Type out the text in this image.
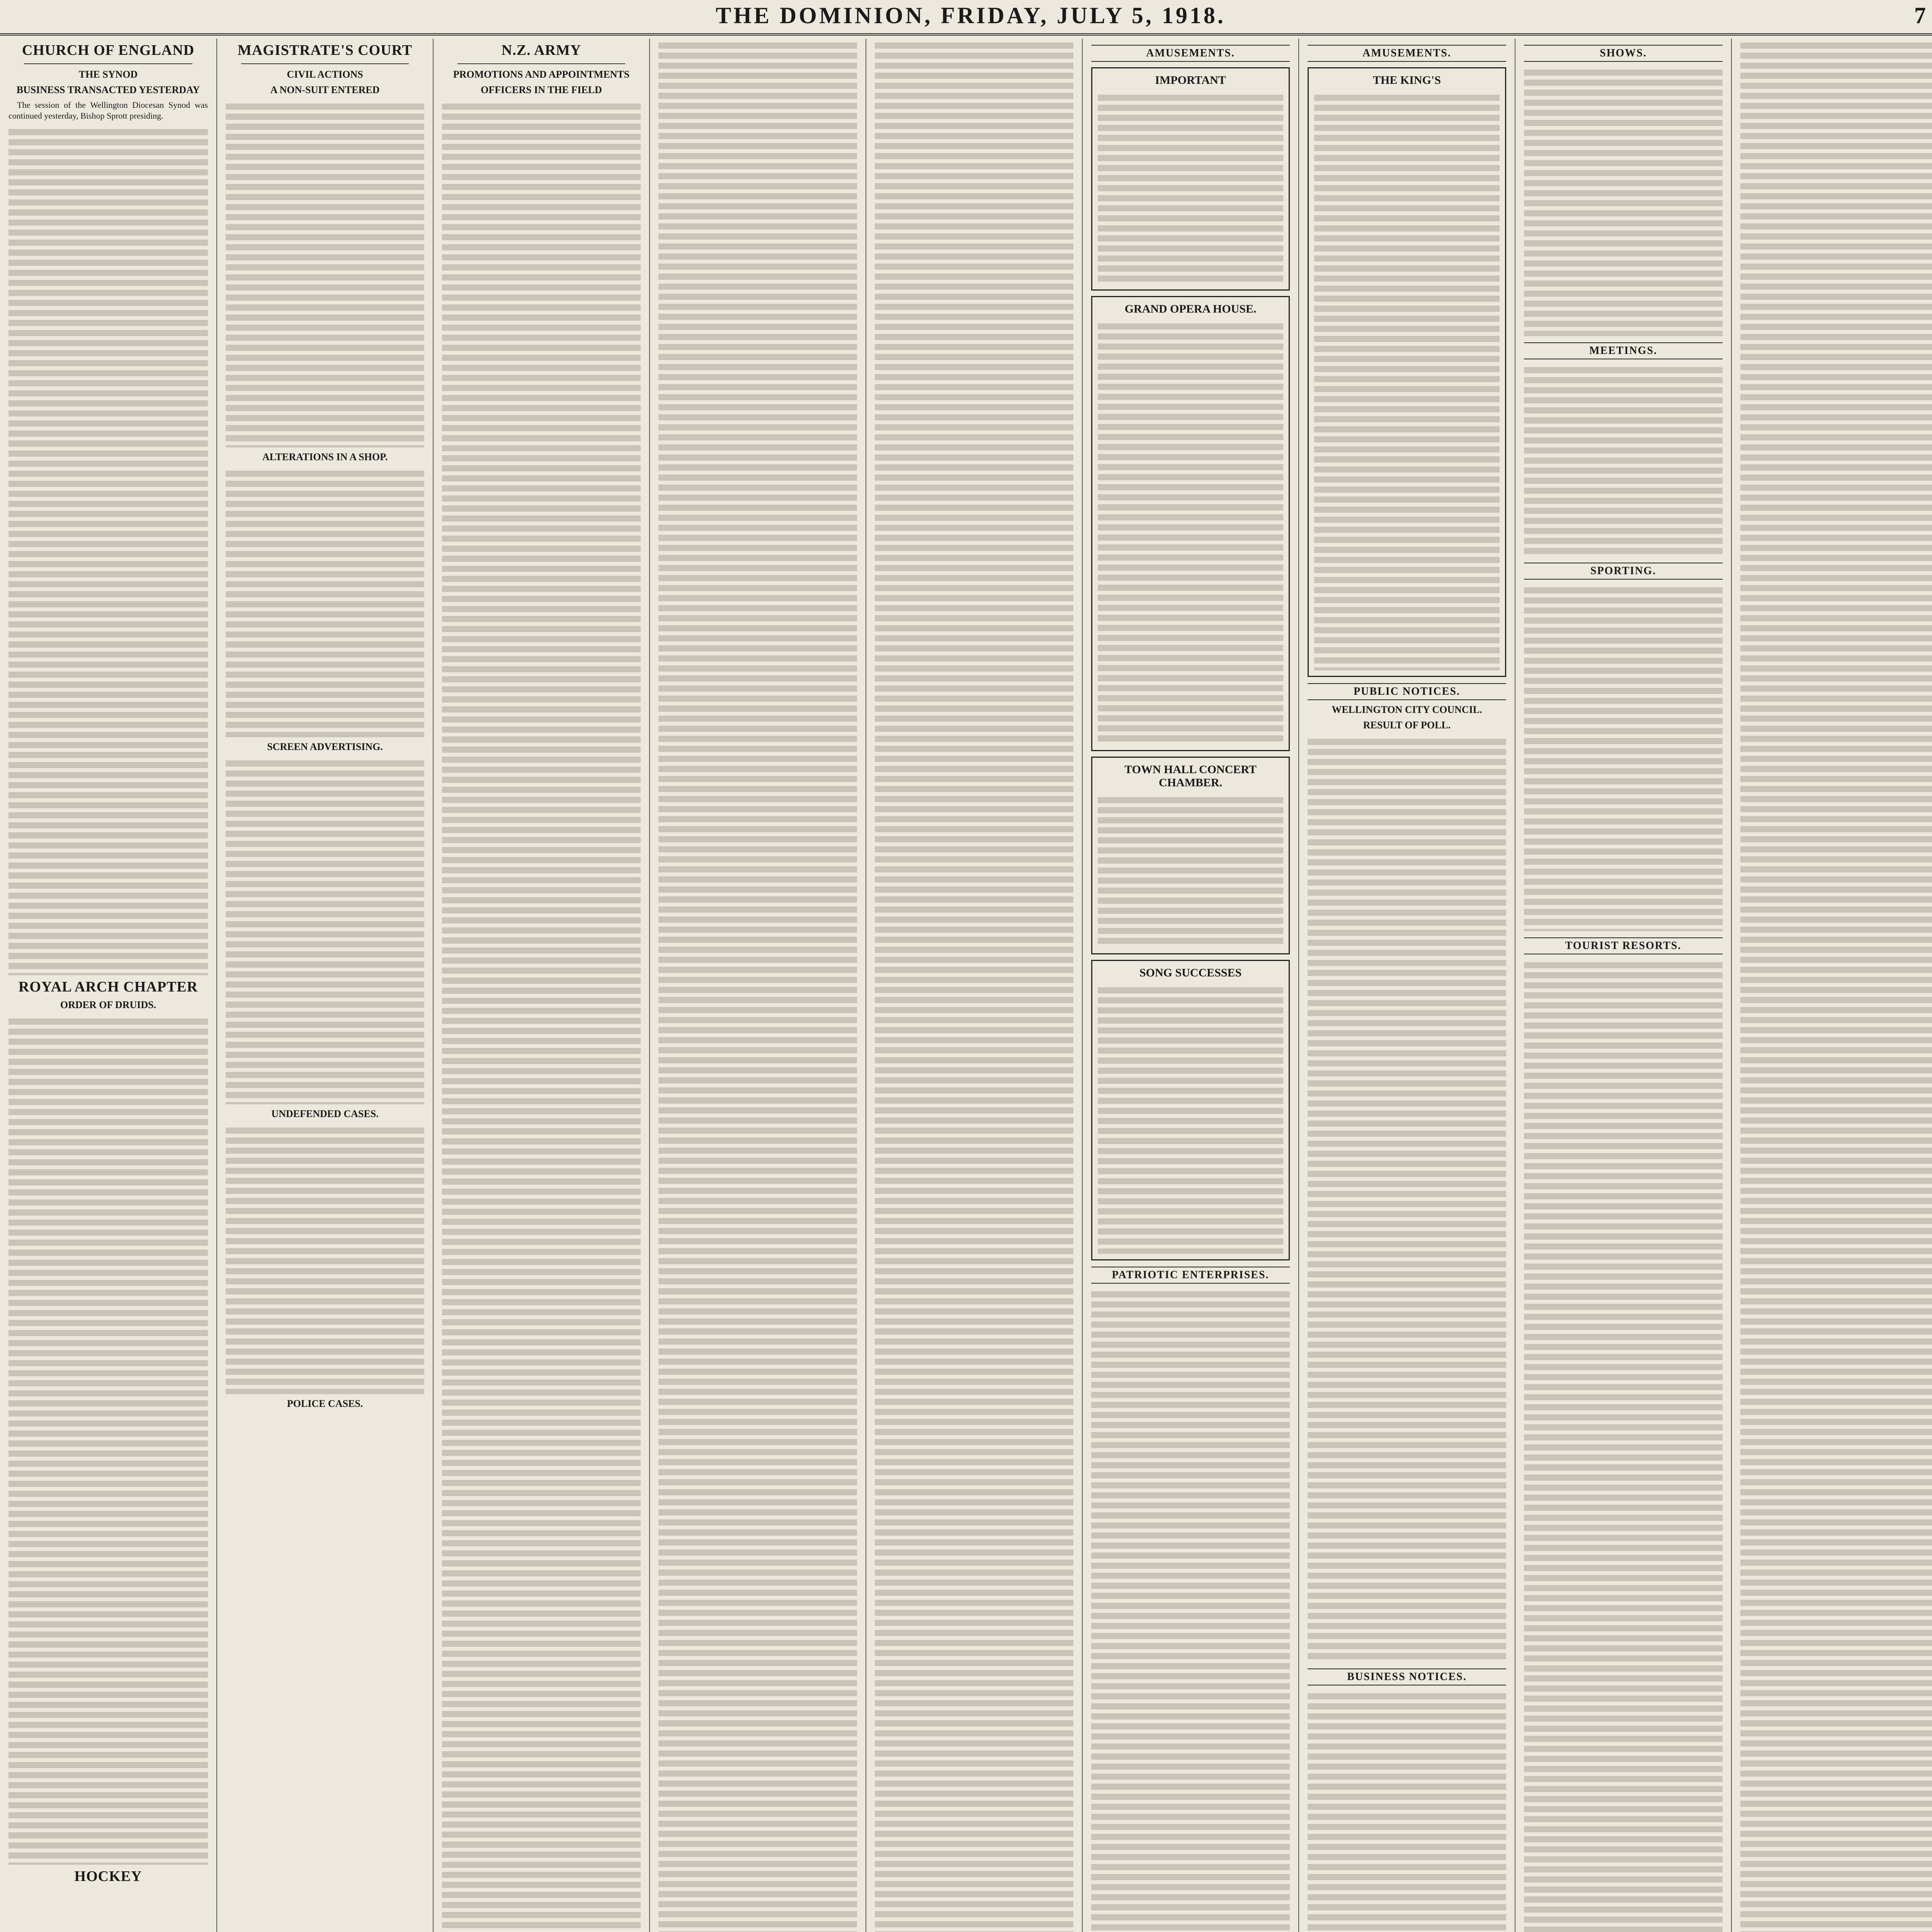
THE DOMINION, FRIDAY, JULY 5, 1918.	7
CHURCH OF ENGLAND
THE SYNOD
BUSINESS TRANSACTED YESTERDAY
The session of the Wellington Diocesan Synod was continued yesterday, Bishop Sprott presiding.
ROYAL ARCH CHAPTER
ORDER OF DRUIDS.
HOCKEY
MAGISTRATE'S COURT
CIVIL ACTIONS
A NON-SUIT ENTERED
ALTERATIONS IN A SHOP.
SCREEN ADVERTISING.
UNDEFENDED CASES.
POLICE CASES.
N.Z. ARMY
PROMOTIONS AND APPOINTMENTS
OFFICERS IN THE FIELD
AMUSEMENTS.
IMPORTANT
GRAND OPERA HOUSE.
TOWN HALL CONCERT CHAMBER.
SONG SUCCESSES
PATRIOTIC ENTERPRISES.
AMUSEMENTS.
THE KING'S
PUBLIC NOTICES.
WELLINGTON CITY COUNCIL.
RESULT OF POLL.
BUSINESS NOTICES.
SHOWS.
MEETINGS.
SPORTING.
TOURIST RESORTS.
